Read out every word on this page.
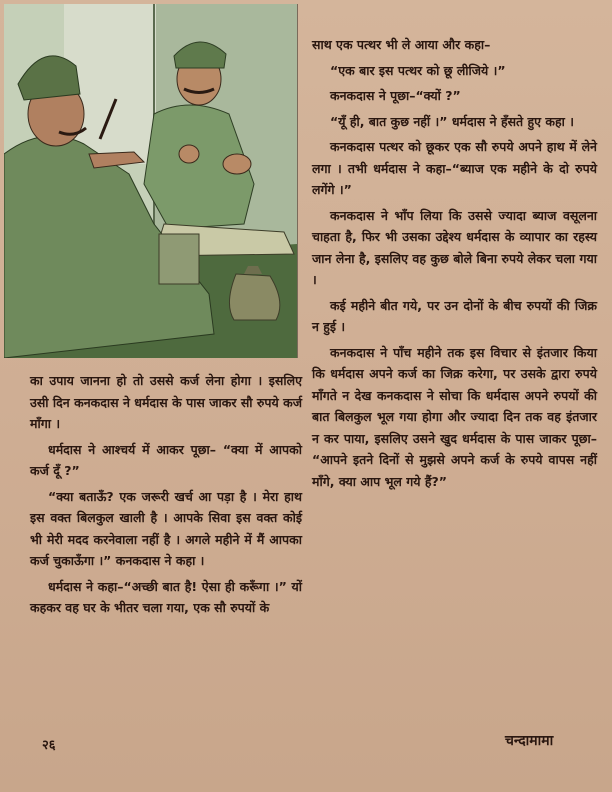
साथ एक पत्थर भी ले आया और कहा–

“एक बार इस पत्थर को छू लीजिये ।”

कनकदास ने पूछा–“क्यों ?”

“यूँ ही, बात कुछ नहीं ।” धर्मदास ने हँसते हुए कहा ।

कनकदास पत्थर को छूकर एक सौ रुपये अपने हाथ में लेने लगा । तभी धर्मदास ने कहा–“ब्याज एक महीने के दो रुपये लगेंगे ।”

कनकदास ने भाँप लिया कि उससे ज्यादा ब्याज वसूलना चाहता है, फिर भी उसका उद्देश्य धर्मदास के व्यापार का रहस्य जान लेना है, इसलिए वह कुछ बोले बिना रुपये लेकर चला गया ।

कई महीने बीत गये, पर उन दोनों के बीच रुपयों की जिक्र न हुई ।

कनकदास ने पाँच महीने तक इस विचार से इंतजार किया कि धर्मदास अपने कर्ज का जिक्र करेगा, पर उसके द्वारा रुपये माँगते न देख कनकदास ने सोचा कि धर्मदास अपने रुपयों की बात बिलकुल भूल गया होगा और ज्यादा दिन तक वह इंतजार न कर पाया, इसलिए उसने खुद धर्मदास के पास जाकर पूछा– “आपने इतने दिनों से मुझसे अपने कर्ज के रुपये वापस नहीं माँगे, क्या आप भूल गये हैं?”

का उपाय जानना हो तो उससे कर्ज लेना होगा । इसलिए उसी दिन कनकदास ने धर्मदास के पास जाकर सौ रुपये कर्ज माँगा ।

धर्मदास ने आश्चर्य में आकर पूछा– “क्या में आपको कर्ज दूँ ?”

“क्या बताऊँ? एक जरूरी खर्च आ पड़ा है । मेरा हाथ इस वक्त बिलकुल खाली है । आपके सिवा इस वक्त कोई भी मेरी मदद करनेवाला नहीं है । अगले महीने में मैं आपका कर्ज चुकाऊँगा ।” कनकदास ने कहा ।

धर्मदास ने कहा–“अच्छी बात है! ऐसा ही करूँगा ।” यों कहकर वह घर के भीतर चला गया, एक सौ रुपयों के

२६	चन्दामामा
